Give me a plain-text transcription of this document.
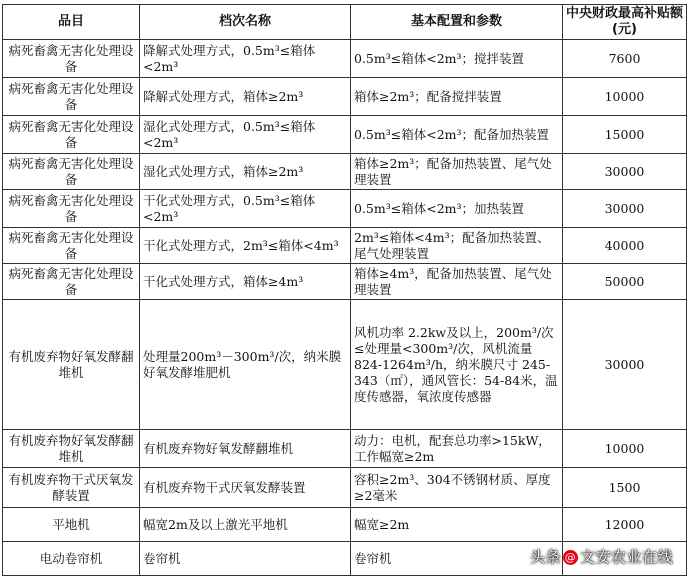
品目	档次名称	基本配置和参数	中央财政最高补贴额(元)
病死畜禽无害化处理设备	降解式处理方式，0.5m³≤箱体<2m³	0.5m³≤箱体<2m³；搅拌装置	7600
病死畜禽无害化处理设备	降解式处理方式，箱体≥2m³	箱体≥2m³；配备搅拌装置	10000
病死畜禽无害化处理设备	湿化式处理方式，0.5m³≤箱体<2m³	0.5m³≤箱体<2m³；配备加热装置	15000
病死畜禽无害化处理设备	湿化式处理方式，箱体≥2m³	箱体≥2m³；配备加热装置、尾气处理装置	30000
病死畜禽无害化处理设备	干化式处理方式，0.5m³≤箱体<2m³	0.5m³≤箱体<2m³；加热装置	30000
病死畜禽无害化处理设备	干化式处理方式，2m³≤箱体<4m³	2m³≤箱体<4m³；配备加热装置、尾气处理装置	40000
病死畜禽无害化处理设备	干化式处理方式，箱体≥4m³	箱体≥4m³，配备加热装置、尾气处理装置	50000
有机废弃物好氧发酵翻堆机	处理量200m³－300m³/次，纳米膜好氧发酵堆肥机	风机功率 2.2kw及以上，200m³/次≤处理量<300m³/次，风机流量824-1264m³/h，纳米膜尺寸 245-343（㎡），通风管长：54-84米，温度传感器，氧浓度传感器	30000
有机废弃物好氧发酵翻堆机	有机废弃物好氧发酵翻堆机	动力：电机，配套总功率>15kW，工作幅宽≥2m	10000
有机废弃物干式厌氧发酵装置	有机废弃物干式厌氧发酵装置	容积≥2m³、304不锈钢材质、厚度≥2毫米	1500
平地机	幅宽2m及以上激光平地机	幅宽≥2m	12000
电动卷帘机	卷帘机	卷帘机		头条 @ 文安农业在线
